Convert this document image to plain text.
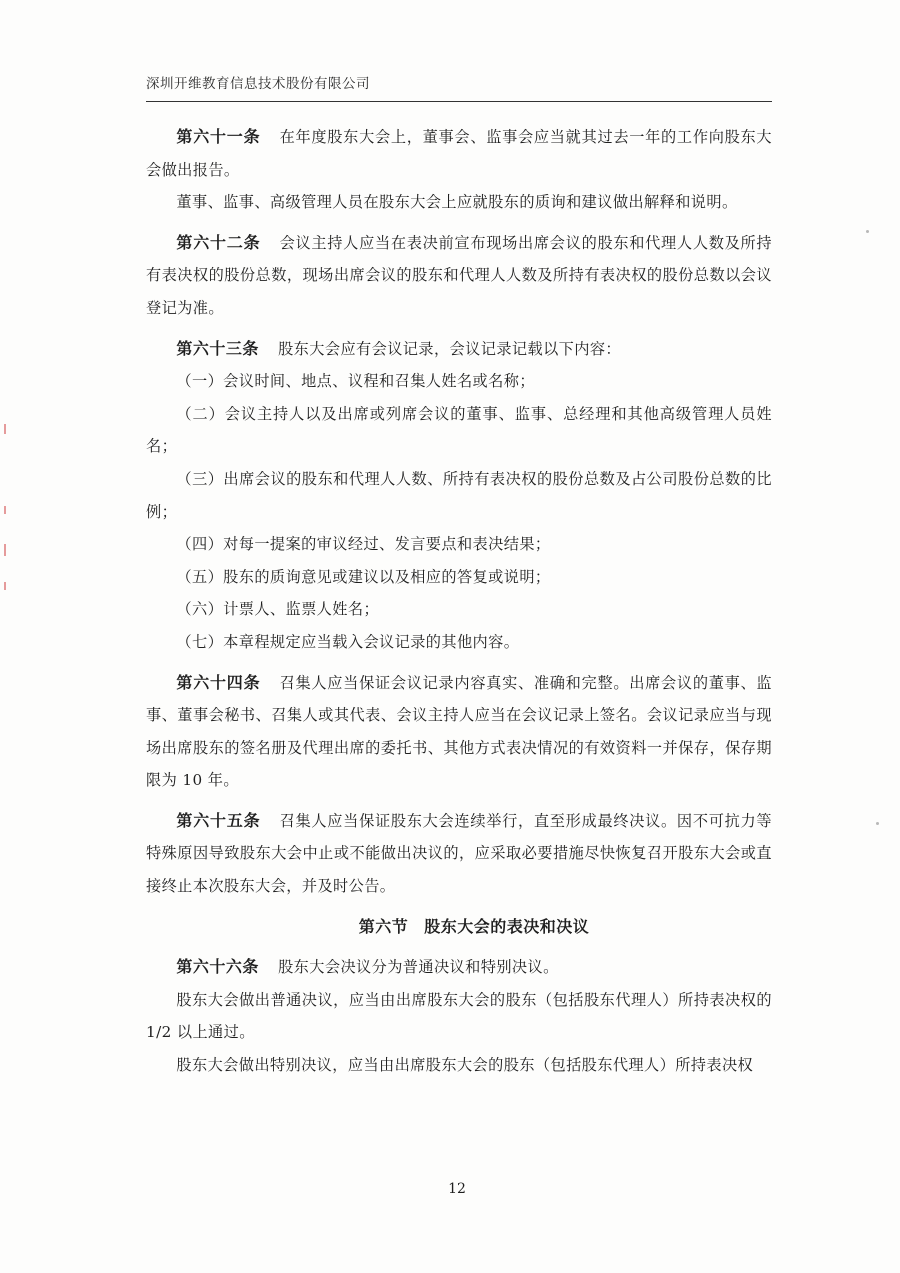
深圳开维教育信息技术股份有限公司

第六十一条 在年度股东大会上，董事会、监事会应当就其过去一年的工作向股东大会做出报告。

董事、监事、高级管理人员在股东大会上应就股东的质询和建议做出解释和说明。

第六十二条 会议主持人应当在表决前宣布现场出席会议的股东和代理人人数及所持有表决权的股份总数，现场出席会议的股东和代理人人数及所持有表决权的股份总数以会议登记为准。

第六十三条 股东大会应有会议记录，会议记录记载以下内容：

（一）会议时间、地点、议程和召集人姓名或名称；

（二）会议主持人以及出席或列席会议的董事、监事、总经理和其他高级管理人员姓名；

（三）出席会议的股东和代理人人数、所持有表决权的股份总数及占公司股份总数的比例；

（四）对每一提案的审议经过、发言要点和表决结果；

（五）股东的质询意见或建议以及相应的答复或说明；

（六）计票人、监票人姓名；

（七）本章程规定应当载入会议记录的其他内容。

第六十四条 召集人应当保证会议记录内容真实、准确和完整。出席会议的董事、监事、董事会秘书、召集人或其代表、会议主持人应当在会议记录上签名。会议记录应当与现场出席股东的签名册及代理出席的委托书、其他方式表决情况的有效资料一并保存，保存期限为 10 年。

第六十五条 召集人应当保证股东大会连续举行，直至形成最终决议。因不可抗力等特殊原因导致股东大会中止或不能做出决议的，应采取必要措施尽快恢复召开股东大会或直接终止本次股东大会，并及时公告。

第六节 股东大会的表决和决议

第六十六条 股东大会决议分为普通决议和特别决议。

股东大会做出普通决议，应当由出席股东大会的股东（包括股东代理人）所持表决权的 1/2 以上通过。

股东大会做出特别决议，应当由出席股东大会的股东（包括股东代理人）所持表决权

12
